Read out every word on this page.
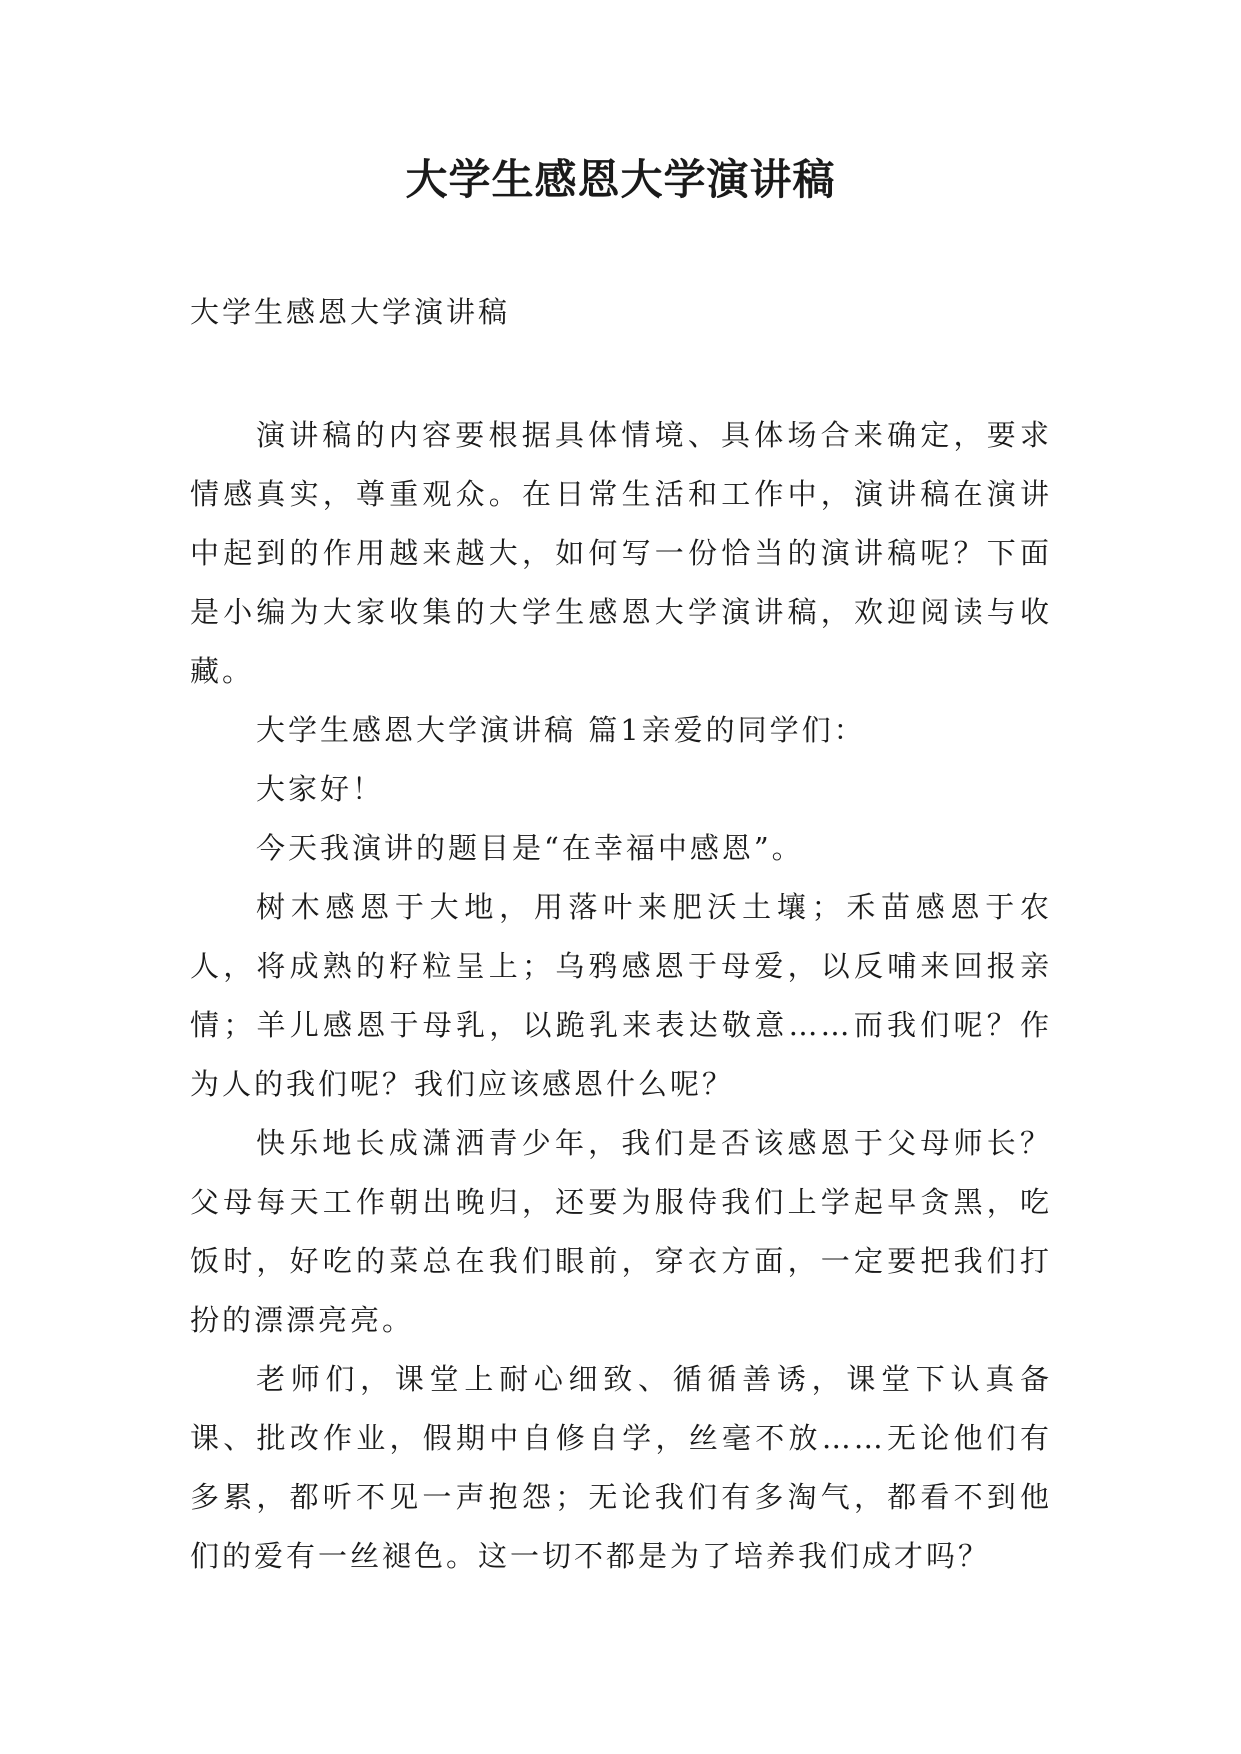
大学生感恩大学演讲稿
大学生感恩大学演讲稿

演讲稿的内容要根据具体情境、具体场合来确定，要求情感真实，尊重观众。在日常生活和工作中，演讲稿在演讲中起到的作用越来越大，如何写一份恰当的演讲稿呢？下面是小编为大家收集的大学生感恩大学演讲稿，欢迎阅读与收藏。

大学生感恩大学演讲稿 篇1亲爱的同学们：

大家好！

今天我演讲的题目是“在幸福中感恩”。

树木感恩于大地，用落叶来肥沃土壤；禾苗感恩于农人，将成熟的籽粒呈上；乌鸦感恩于母爱，以反哺来回报亲情；羊儿感恩于母乳，以跪乳来表达敬意……而我们呢？作为人的我们呢？我们应该感恩什么呢？

快乐地长成潇洒青少年，我们是否该感恩于父母师长？父母每天工作朝出晚归，还要为服侍我们上学起早贪黑，吃饭时，好吃的菜总在我们眼前，穿衣方面，一定要把我们打扮的漂漂亮亮。

老师们，课堂上耐心细致、循循善诱，课堂下认真备课、批改作业，假期中自修自学，丝毫不放……无论他们有多累，都听不见一声抱怨；无论我们有多淘气，都看不到他们的爱有一丝褪色。这一切不都是为了培养我们成才吗？
